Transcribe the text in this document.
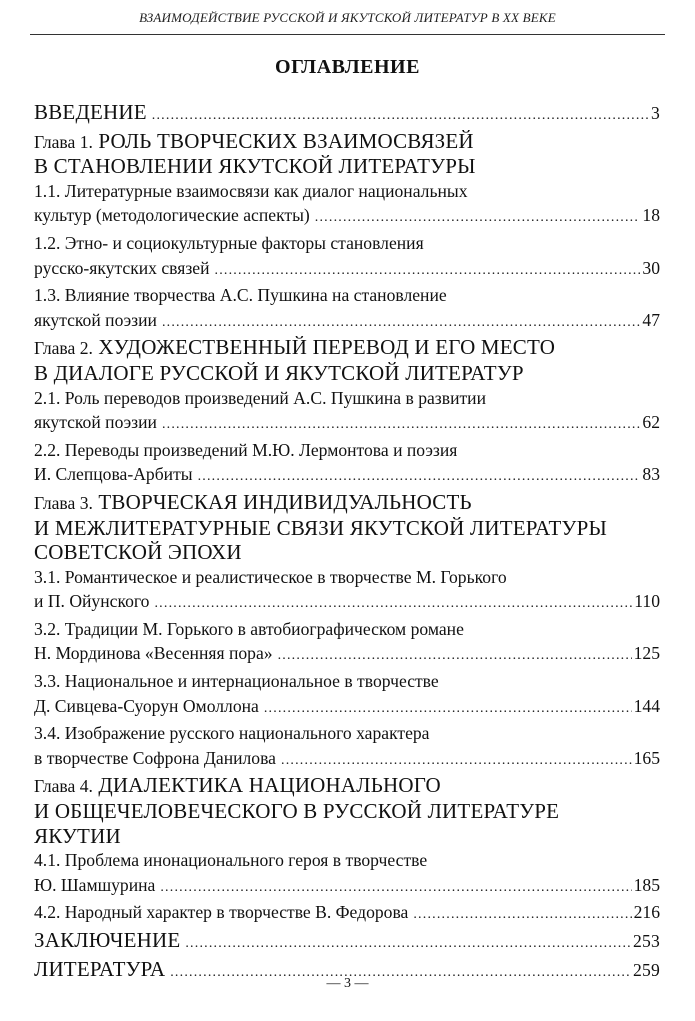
ВЗАИМОДЕЙСТВИЕ РУССКОЙ И ЯКУТСКОЙ ЛИТЕРАТУР В XX ВЕКЕ
ОГЛАВЛЕНИЕ
ВВЕДЕНИЕ .....	3
Глава 1. РОЛЬ ТВОРЧЕСКИХ ВЗАИМОСВЯЗЕЙ
В СТАНОВЛЕНИИ ЯКУТСКОЙ ЛИТЕРАТУРЫ
1.1. Литературные взаимосвязи как диалог национальных
культур (методологические аспекты) .....	18
1.2. Этно- и социокультурные факторы становления
русско-якутских связей .....	30
1.3. Влияние творчества А.С. Пушкина на становление
якутской поэзии .....	47
Глава 2. ХУДОЖЕСТВЕННЫЙ ПЕРЕВОД И ЕГО МЕСТО
В ДИАЛОГЕ РУССКОЙ И ЯКУТСКОЙ ЛИТЕРАТУР
2.1. Роль переводов произведений А.С. Пушкина в развитии
якутской поэзии .....	62
2.2. Переводы произведений М.Ю. Лермонтова и поэзия
И. Слепцова-Арбиты .....	83
Глава 3. ТВОРЧЕСКАЯ ИНДИВИДУАЛЬНОСТЬ
И МЕЖЛИТЕРАТУРНЫЕ СВЯЗИ ЯКУТСКОЙ ЛИТЕРАТУРЫ
СОВЕТСКОЙ ЭПОХИ
3.1. Романтическое и реалистическое в творчестве М. Горького
и П. Ойунского .....	110
3.2. Традиции М. Горького в автобиографическом романе
Н. Мординова «Весенняя пора» .....	125
3.3. Национальное и интернациональное в творчестве
Д. Сивцева-Суорун Омоллона .....	144
3.4. Изображение русского национального характера
в творчестве Софрона Данилова .....	165
Глава 4. ДИАЛЕКТИКА НАЦИОНАЛЬНОГО
И ОБЩЕЧЕЛОВЕЧЕСКОГО В РУССКОЙ ЛИТЕРАТУРЕ
ЯКУТИИ
4.1. Проблема инонационального героя в творчестве
Ю. Шамшурина .....	185
4.2. Народный характер в творчестве В. Федорова .....	216
ЗАКЛЮЧЕНИЕ .....	253
ЛИТЕРАТУРА .....	259
— 3 —
